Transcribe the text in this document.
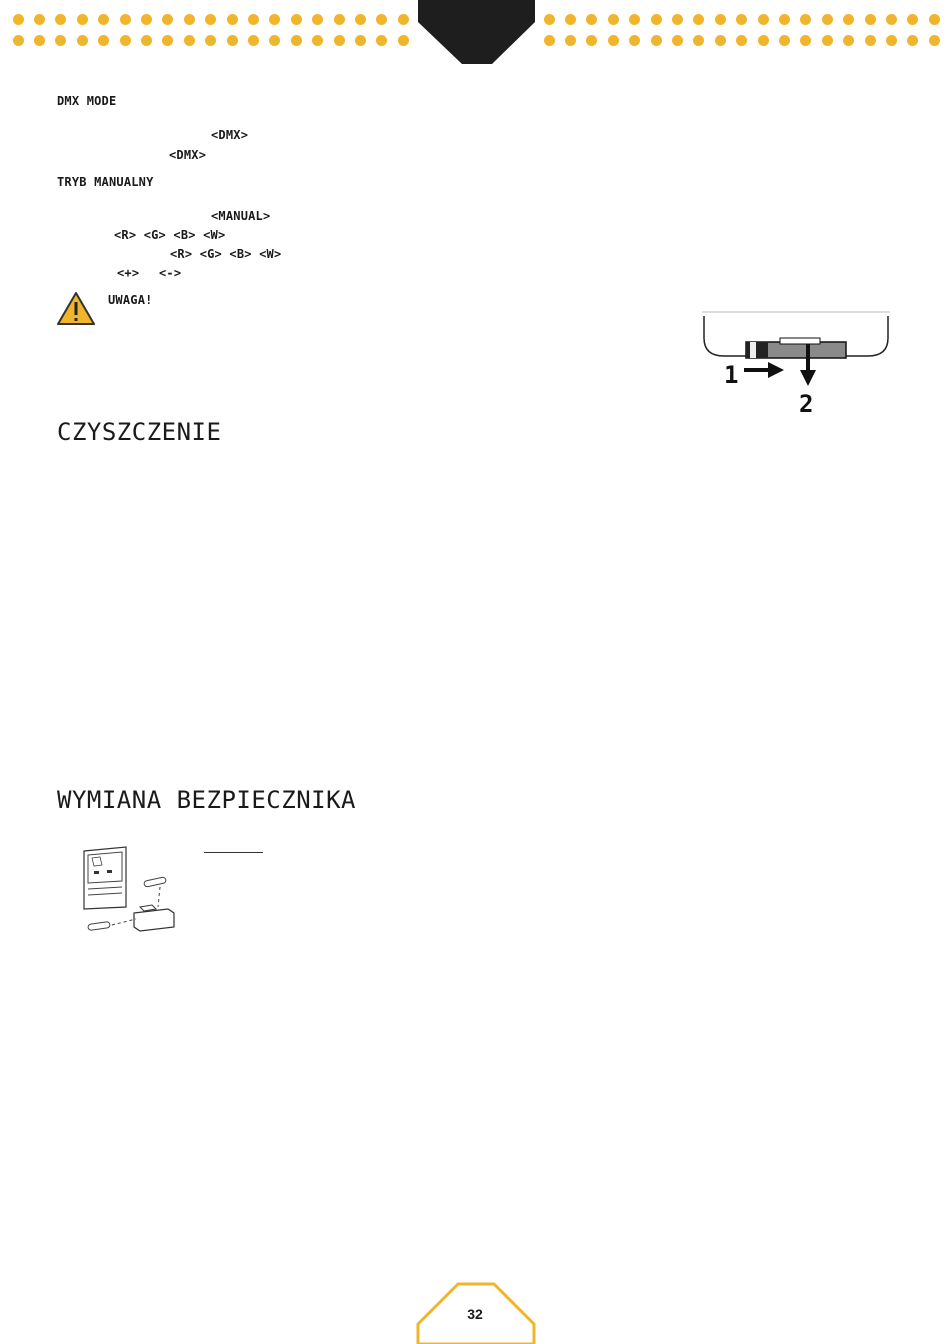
DMX MODE
<DMX>
<DMX>
TRYB MANUALNY
<MANUAL>
<R> <G> <B> <W>
<R> <G> <B> <W>
<+> <->
UWAGA!
1
2
CZYSZCZENIE
WYMIANA BEZPIECZNIKA
32
